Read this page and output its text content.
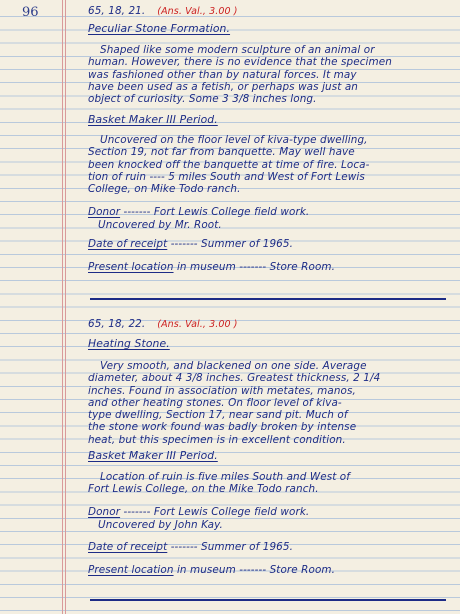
96	65, 18, 21. (Ans. Val., 3.00 )
Peculiar Stone Formation.
Shaped like some modern sculpture of an animal or
human. However, there is no evidence that the specimen
was fashioned other than by natural forces. It may
have been used as a fetish, or perhaps was just an
object of curiosity. Some 3 3/8 inches long.
Basket Maker III Period.
Uncovered on the floor level of kiva-type dwelling,
Section 19, not far from banquette. May well have
been knocked off the banquette at time of fire. Loca-
tion of ruin ---- 5 miles South and West of Fort Lewis
College, on Mike Todo ranch.
Donor ------- Fort Lewis College field work.
Uncovered by Mr. Root.
Date of receipt ------- Summer of 1965.
Present location in museum ------- Store Room.
65, 18, 22. (Ans. Val., 3.00 )
Heating Stone.
Very smooth, and blackened on one side. Average
diameter, about 4 3/8 inches. Greatest thickness, 2 1/4
inches. Found in association with metates, manos,
and other heating stones. On floor level of kiva-
type dwelling, Section 17, near sand pit. Much of
the stone work found was badly broken by intense
heat, but this specimen is in excellent condition.
Basket Maker III Period.
Location of ruin is five miles South and West of
Fort Lewis College, on the Mike Todo ranch.
Donor ------- Fort Lewis College field work.
Uncovered by John Kay.
Date of receipt ------- Summer of 1965.
Present location in museum ------- Store Room.
